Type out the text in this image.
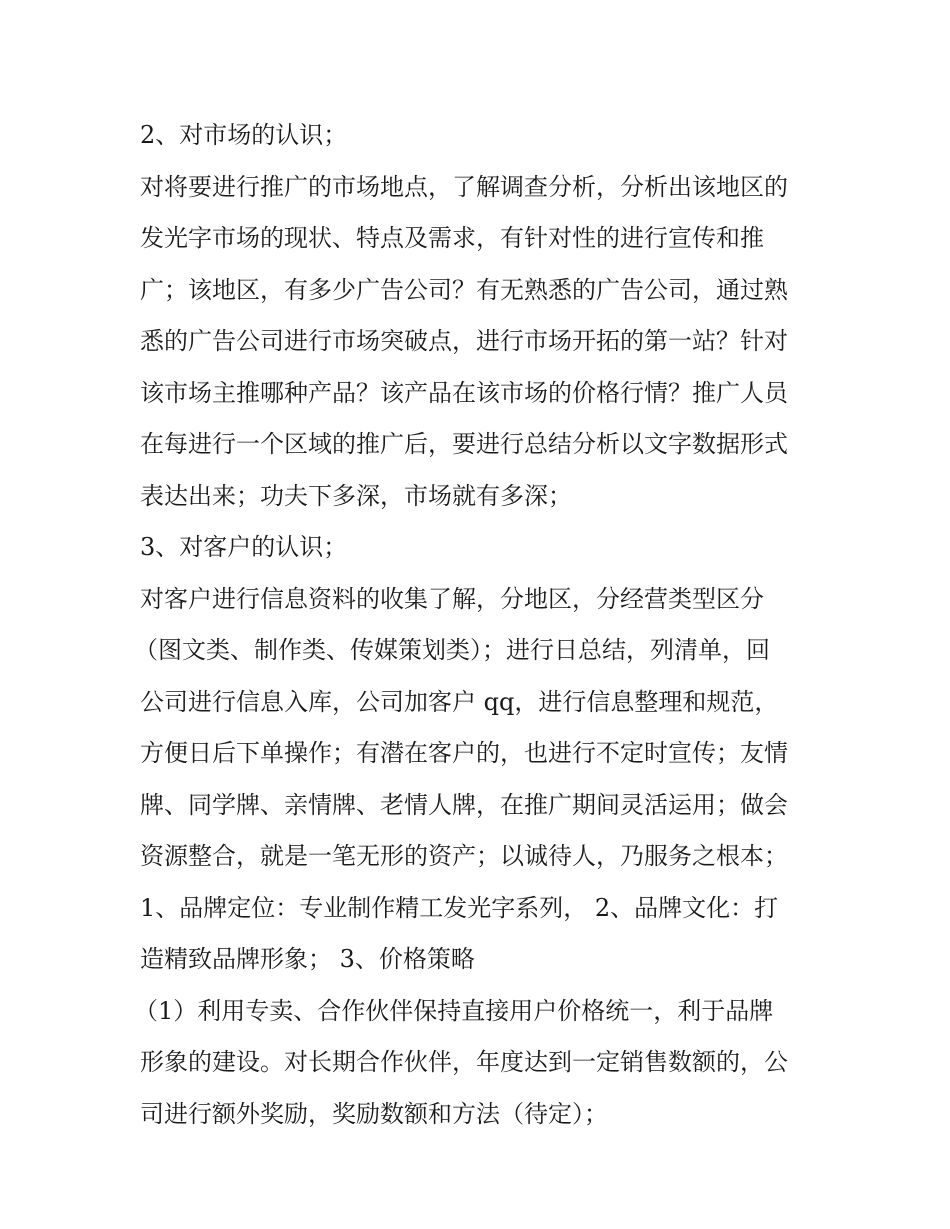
2、对市场的认识；
对将要进行推广的市场地点，了解调查分析，分析出该地区的
发光字市场的现状、特点及需求，有针对性的进行宣传和推
广；该地区，有多少广告公司？有无熟悉的广告公司，通过熟
悉的广告公司进行市场突破点，进行市场开拓的第一站？针对
该市场主推哪种产品？该产品在该市场的价格行情？推广人员
在每进行一个区域的推广后，要进行总结分析以文字数据形式
表达出来；功夫下多深，市场就有多深；
3、对客户的认识；
对客户进行信息资料的收集了解，分地区，分经营类型区分
（图文类、制作类、传媒策划类）；进行日总结，列清单，回
公司进行信息入库，公司加客户 qq，进行信息整理和规范，
方便日后下单操作；有潜在客户的，也进行不定时宣传；友情
牌、同学牌、亲情牌、老情人牌，在推广期间灵活运用；做会
资源整合，就是一笔无形的资产；以诚待人，乃服务之根本；
1、品牌定位：专业制作精工发光字系列， 2、品牌文化：打
造精致品牌形象； 3、价格策略
（1）利用专卖、合作伙伴保持直接用户价格统一，利于品牌
形象的建设。对长期合作伙伴，年度达到一定销售数额的，公
司进行额外奖励，奖励数额和方法（待定）；
